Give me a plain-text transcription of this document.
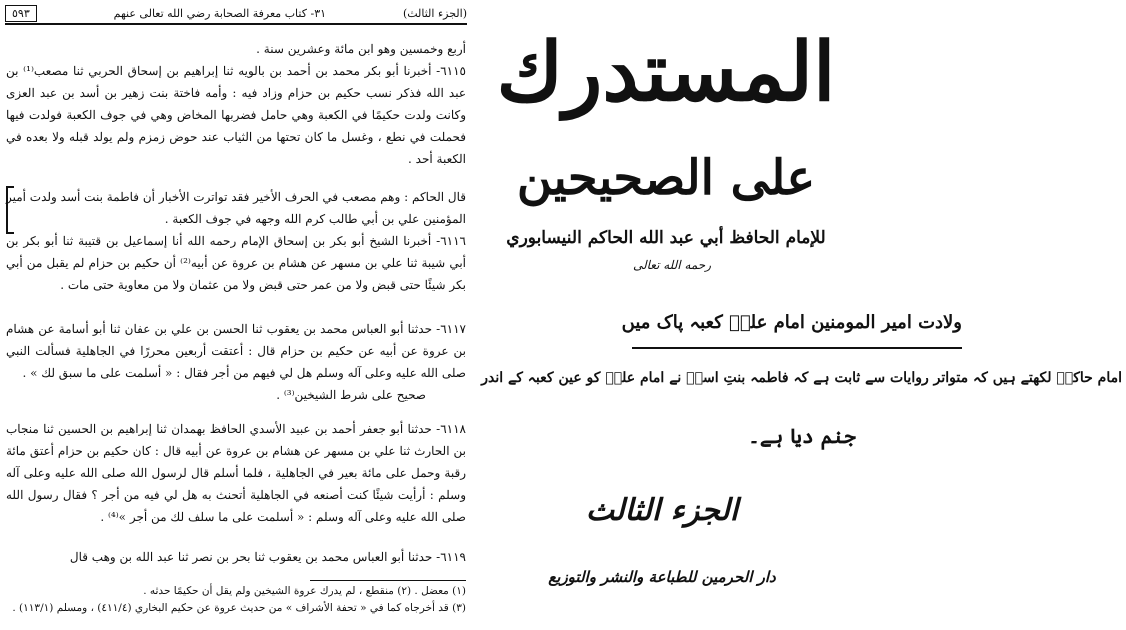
(الجزء الثالث)
٣١- كتاب معرفة الصحابة رضي الله تعالى عنهم
٥٩٣

أربع وخمسين وهو ابن مائة وعشرين سنة .

٦١١٥- أخبرنا أبو بكر محمد بن أحمد بن بالويه ثنا إبراهيم بن إسحاق الحربي ثنا مصعب⁽¹⁾ بن عبد الله فذكر نسب حكيم بن حزام وزاد فيه : وأمه فاختة بنت زهير بن أسد بن عبد العزى وكانت ولدت حكيمًا في الكعبة وهي حامل فضربها المخاض وهي في جوف الكعبة فولدت فيها فحملت في نطع ، وغسل ما كان تحتها من الثياب عند حوض زمزم ولم يولد قبله ولا بعده في الكعبة أحد .

قال الحاكم : وهم مصعب في الحرف الأخير فقد تواترت الأخبار أن فاطمة بنت أسد ولدت أمير المؤمنين علي بن أبي طالب كرم الله وجهه في جوف الكعبة .

٦١١٦- أخبرنا الشيخ أبو بكر بن إسحاق الإمام رحمه الله أنا إسماعيل بن قتيبة ثنا أبو بكر بن أبي شيبة ثنا علي بن مسهر عن هشام بن عروة عن أبيه⁽²⁾ أن حكيم بن حزام لم يقبل من أبي بكر شيئًا حتى قبض ولا من عمر حتى قبض ولا من عثمان ولا من معاوية حتى مات .

٦١١٧- حدثنا أبو العباس محمد بن يعقوب ثنا الحسن بن علي بن عفان ثنا أبو أسامة عن هشام بن عروة عن أبيه عن حكيم بن حزام قال : أعتقت أربعين محررًا في الجاهلية فسألت النبي صلى الله عليه وعلى آله وسلم هل لي فيهم من أجر فقال : « أسلمت على ما سبق لك » .

صحيح على شرط الشيخين⁽³⁾ .

٦١١٨- حدثنا أبو جعفر أحمد بن عبيد الأسدي الحافظ بهمدان ثنا إبراهيم بن الحسين ثنا منجاب بن الحارث ثنا علي بن مسهر عن هشام بن عروة عن أبيه قال : كان حكيم بن حزام أعتق مائة رقبة وحمل على مائة بعير في الجاهلية ، فلما أسلم قال لرسول الله صلى الله عليه وعلى آله وسلم : أرأيت شيئًا كنت أصنعه في الجاهلية أتحنث به هل لي فيه من أجر ؟ فقال رسول الله صلى الله عليه وعلى آله وسلم : « أسلمت على ما سلف لك من أجر »⁽⁴⁾ .

٦١١٩- حدثنا أبو العباس محمد بن يعقوب ثنا بحر بن نصر ثنا عبد الله بن وهب قال

(١) معضل . (٢) منقطع ، لم يدرك عروة الشيخين ولم يقل أن حكيمًا حدثه .

(٣) قد أخرجاه كما في « تحفة الأشراف » من حديث عروة عن حكيم البخاري (٤١١/٤) ، ومسلم (١١٣/١) .

المستدرك
على الصحيحين
للإمام الحافظ أبي عبد الله الحاكم النيسابوري
رحمه الله تعالى
ولادت امیر المومنین امام علیؑ کعبہ پاک میں
امام حاکمؒ لکھتے ہیں کہ متواتر روایات سے ثابت ہے کہ فاطمہ بنتِ اسدؑ نے امام علیؑ کو عین کعبہ کے اندر
جنم دیا ہے۔
الجزء الثالث
دار الحرمين للطباعة والنشر والتوزيع
